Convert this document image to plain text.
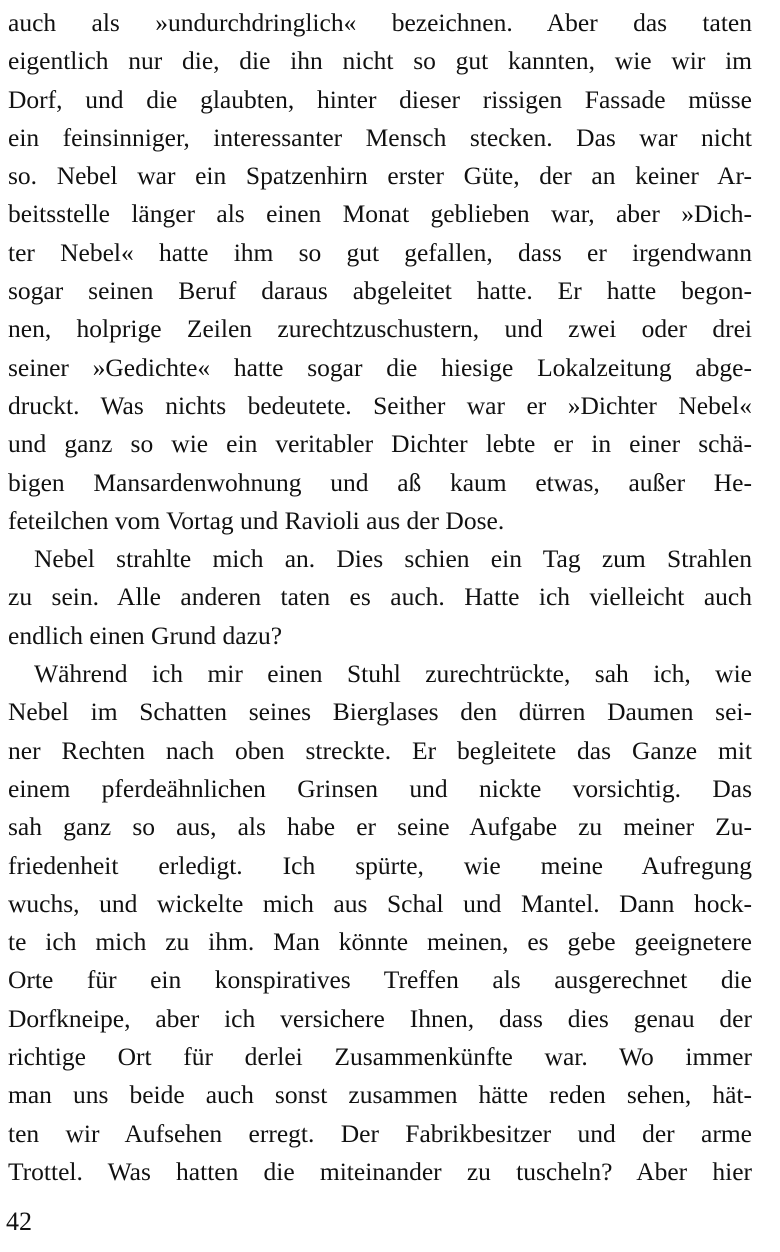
auch als »undurchdringlich« bezeichnen. Aber das taten
eigentlich nur die, die ihn nicht so gut kannten, wie wir im
Dorf, und die glaubten, hinter dieser rissigen Fassade müsse
ein feinsinniger, interessanter Mensch stecken. Das war nicht
so. Nebel war ein Spatzenhirn erster Güte, der an keiner Ar-
beitsstelle länger als einen Monat geblieben war, aber »Dich-
ter Nebel« hatte ihm so gut gefallen, dass er irgendwann
sogar seinen Beruf daraus abgeleitet hatte. Er hatte begon-
nen, holprige Zeilen zurechtzuschustern, und zwei oder drei
seiner »Gedichte« hatte sogar die hiesige Lokalzeitung abge-
druckt. Was nichts bedeutete. Seither war er »Dichter Nebel«
und ganz so wie ein veritabler Dichter lebte er in einer schä-
bigen Mansardenwohnung und aß kaum etwas, außer He-
feteilchen vom Vortag und Ravioli aus der Dose.
Nebel strahlte mich an. Dies schien ein Tag zum Strahlen
zu sein. Alle anderen taten es auch. Hatte ich vielleicht auch
endlich einen Grund dazu?
Während ich mir einen Stuhl zurechtrückte, sah ich, wie
Nebel im Schatten seines Bierglases den dürren Daumen sei-
ner Rechten nach oben streckte. Er begleitete das Ganze mit
einem pferdeähnlichen Grinsen und nickte vorsichtig. Das
sah ganz so aus, als habe er seine Aufgabe zu meiner Zu-
friedenheit erledigt. Ich spürte, wie meine Aufregung
wuchs, und wickelte mich aus Schal und Mantel. Dann hock-
te ich mich zu ihm. Man könnte meinen, es gebe geeignetere
Orte für ein konspiratives Treffen als ausgerechnet die
Dorfkneipe, aber ich versichere Ihnen, dass dies genau der
richtige Ort für derlei Zusammenkünfte war. Wo immer
man uns beide auch sonst zusammen hätte reden sehen, hät-
ten wir Aufsehen erregt. Der Fabrikbesitzer und der arme
Trottel. Was hatten die miteinander zu tuscheln? Aber hier
42
